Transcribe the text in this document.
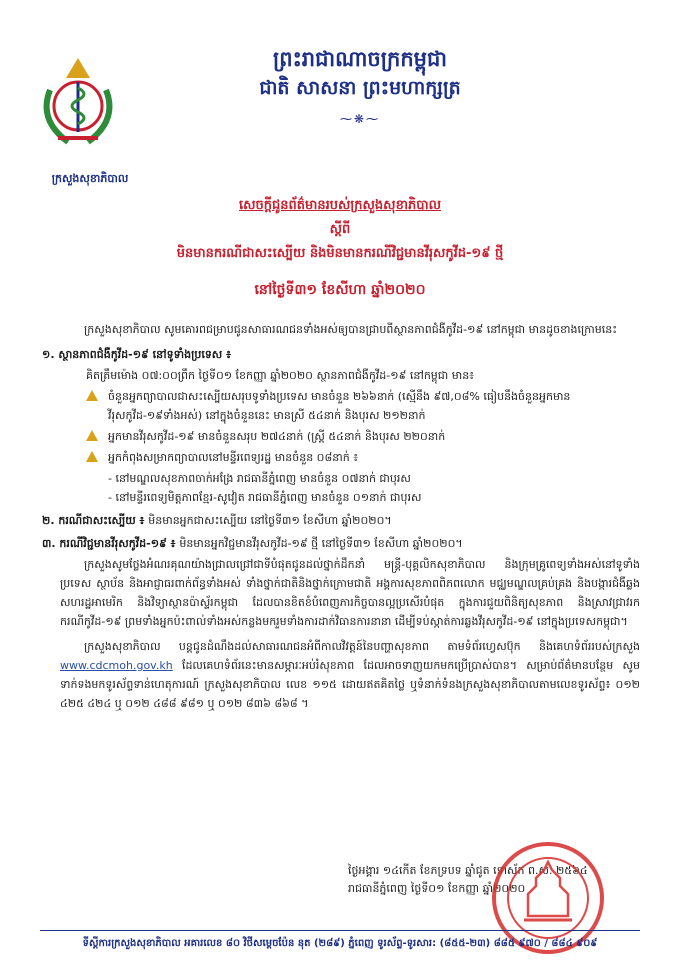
ក្រសួងសុខាភិបាល
ព្រះរាជាណាចក្រកម្ពុជា
ជាតិ សាសនា ព្រះមហាក្សត្រ
⁓❋⁓
សេចក្ដីជូនព័ត៌មានរបស់ក្រសួងសុខាភិបាល
ស្ដីពី
មិនមានករណីជាសះស្បើយ និងមិនមានករណីវិជ្ជមានវីរុសកូវីដ-១៩ ថ្មី
នៅថ្ងៃទី៣១ ខែសីហា ឆ្នាំ២០២០

ក្រសួងសុខាភិបាល សូមគោរពជម្រាបជូនសាធារណជនទាំងអស់ឲ្យបានជ្រាបពីស្ថានភាពជំងឺកូវីដ-១៩ នៅកម្ពុជា មានដូចខាងក្រោមនេះ

១. ស្ថានភាពជំងឺកូវីដ-១៩ នៅទូទាំងប្រទេស ៖
គិតត្រឹមម៉ោង ០៧:០០ព្រឹក ថ្ងៃទី០១ ខែកញ្ញា ឆ្នាំ២០២០ ស្ថានភាពជំងឺកូវីដ-១៩ នៅកម្ពុជា មាន៖
ចំនួនអ្នកព្យាបាលជាសះស្បើយសរុបទូទាំងប្រទេស មានចំនួន ២៦៦នាក់ (ស្មើនឹង ៩៧,០៨% ធៀបនឹងចំនួនអ្នកមានវីរុសកូវីដ-១៩ទាំងអស់) នៅក្នុងចំនួននេះ មានស្រី ៥៤នាក់ និងបុរស ២១២នាក់
អ្នកមានវីរុសកូវីដ-១៩ មានចំនួនសរុប ២៧៤នាក់ (ស្ត្រី ៥៤នាក់ និងបុរស ២២០នាក់
អ្នកកំពុងសម្រាកព្យាបាលនៅមន្ទីរពេទ្យរដ្ឋ មានចំនួន ០៨នាក់ ៖
- នៅមណ្ឌលសុខភាពចាក់អង្រែ រាជធានីភ្នំពេញ មានចំនួន ០៧នាក់ ជាបុរស
- នៅមន្ទីរពេទ្យមិត្តភាពខ្មែរ-សូវៀត រាជធានីភ្នំពេញ មានចំនួន ០១នាក់ ជាបុរស
២. ករណីជាសះស្បើយ ៖ មិនមានអ្នកជាសះស្បើយ នៅថ្ងៃទី៣១ ខែសីហា ឆ្នាំ២០២០។
៣. ករណីវិជ្ជមានវីរុសកូវីដ-១៩ ៖ មិនមានអ្នកវិជ្ជមានវីរុសកូវីដ-១៩ ថ្មី នៅថ្ងៃទី៣១ ខែសីហា ឆ្នាំ២០២០។

ក្រសួងសូមថ្លែងអំណរគុណយ៉ាងជ្រាលជ្រៅជាទីបំផុតជូនដល់ថ្នាក់ដឹកនាំ មន្ត្រី-បុគ្គលិកសុខាភិបាល និងក្រុមគ្រូពេទ្យទាំងអស់នៅទូទាំងប្រទេស ស្ថាប័ន និងអាជ្ញាធរពាក់ព័ន្ធទាំងអស់ ទាំងថ្នាក់ជាតិនិងថ្នាក់ក្រោមជាតិ អង្គការសុខភាពពិភពលោក មជ្ឈមណ្ឌលគ្រប់គ្រង និងបង្ការជំងឺឆ្លងសហរដ្ឋអាមេរិក និងវិទ្យាស្ថានប៉ាស្ទ័រកម្ពុជា ដែលបានខិតខំបំពេញភារកិច្ចបានល្អប្រសើរបំផុត ក្នុងការជួយពិនិត្យសុខភាព និងស្រាវជ្រាវរកករណីកូវីដ-១៩ ព្រមទាំងអ្នកប៉ះពាល់ទាំងអស់កន្លងមករួមទាំងការដាក់វិធានការនានា ដើម្បីទប់ស្កាត់ការឆ្លងវីរុសកូវីដ-១៩ នៅក្នុងប្រទេសកម្ពុជា។

ក្រសួងសុខាភិបាល បន្តជូនដំណឹងដល់សាធារណជនអំពីកាលវិវត្តន៍នៃបញ្ហាសុខភាព តាមទំព័រហ្វេសប៊ុក និងគេហទំព័ររបស់ក្រសួង www.cdcmoh.gov.kh ដែលគេហទំព័រនេះមានសម្ភារៈអប់រំសុខភាព ដែលអាចទាញយកមកប្រើប្រាស់បាន។ សម្រាប់ព័ត៌មានបន្ថែម សូមទាក់ទងមកទូរស័ព្ទទាន់ហេតុការណ៍ ក្រសួងសុខាភិបាល លេខ ១១៥ ដោយឥតគិតថ្លៃ ឬទំនាក់ទំនងក្រសួងសុខាភិបាលតាមលេខទូរស័ព្ទ៖ ០១២ ៤២៥ ៤២៤ ឬ ០១២ ៤៨៨ ៩៨១ ឬ ០១២ ៨៣៦ ៨៦៨ ។

ថ្ងៃអង្គារ ១៤កើត ខែភទ្របទ ឆ្នាំជូត ទោស័ក ព.ស. ២៥៦៤
រាជធានីភ្នំពេញ ថ្ងៃទី០១ ខែកញ្ញា ឆ្នាំ២០២០
ទីស្ដីការក្រសួងសុខាភិបាល អគារលេខ ៨០ វិថីសម្ដេចប៉ែន នុត (២៨៩) ភ្នំពេញ ទូរស័ព្ទ-ទូរសារ: (៨៥៥-២៣) ៨៨៥ ៩៧០ / ៨៨៤ ៩០៩
